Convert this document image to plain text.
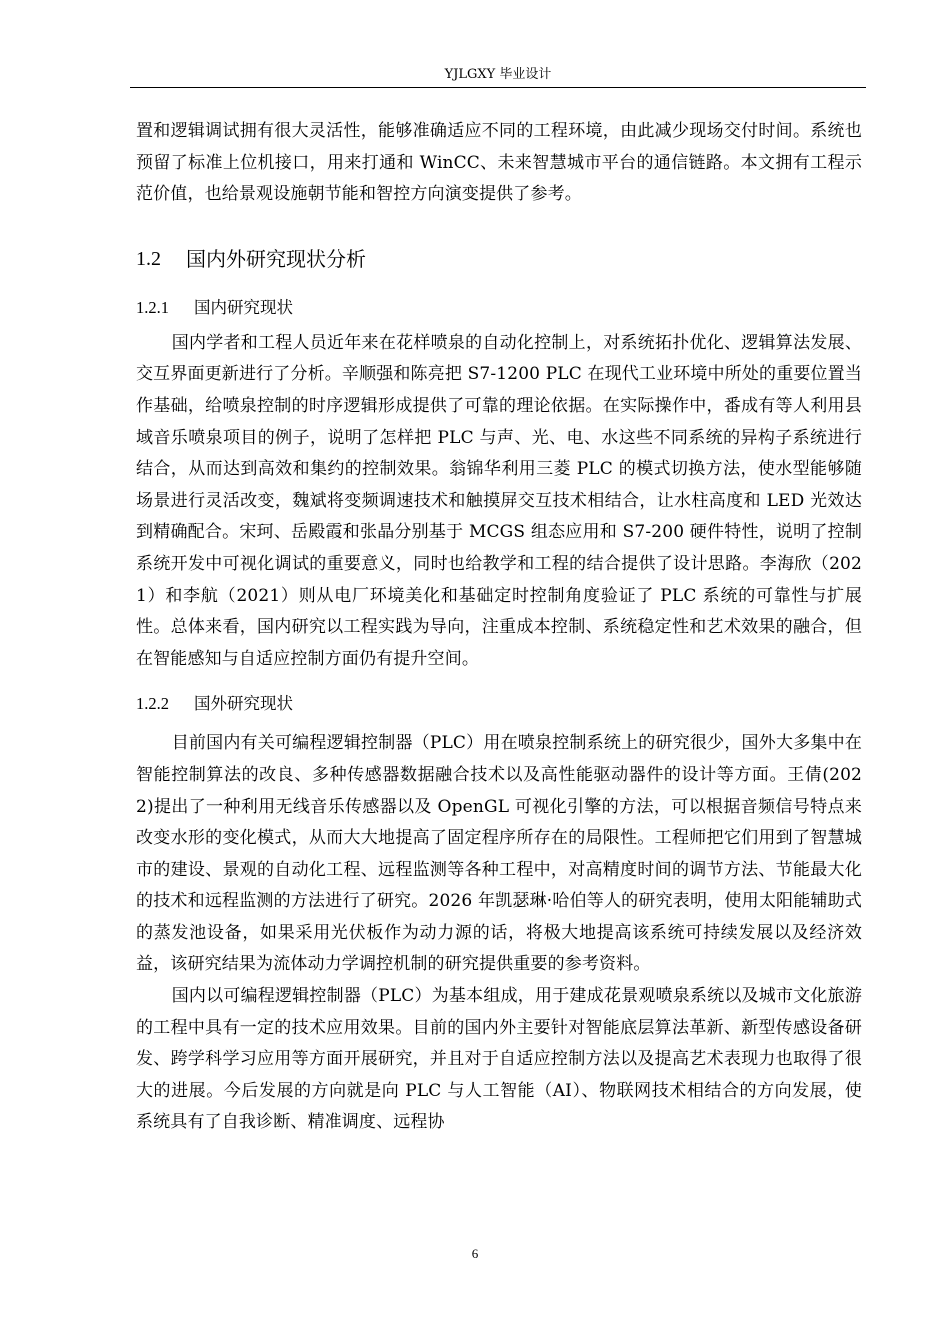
YJLGXY 毕业设计

置和逻辑调试拥有很大灵活性，能够准确适应不同的工程环境，由此减少现场交付时间。系统也预留了标准上位机接口，用来打通和 WinCC、未来智慧城市平台的通信链路。本文拥有工程示范价值，也给景观设施朝节能和智控方向演变提供了参考。

1.2	国内外研究现状分析
1.2.1	国内研究现状

国内学者和工程人员近年来在花样喷泉的自动化控制上，对系统拓扑优化、逻辑算法发展、交互界面更新进行了分析。辛顺强和陈亮把 S7-1200 PLC 在现代工业环境中所处的重要位置当作基础，给喷泉控制的时序逻辑形成提供了可靠的理论依据。在实际操作中，番成有等人利用县域音乐喷泉项目的例子，说明了怎样把 PLC 与声、光、电、水这些不同系统的异构子系统进行结合，从而达到高效和集约的控制效果。翁锦华利用三菱 PLC 的模式切换方法，使水型能够随场景进行灵活改变，魏斌将变频调速技术和触摸屏交互技术相结合，让水柱高度和 LED 光效达到精确配合。宋珂、岳殿霞和张晶分别基于 MCGS 组态应用和 S7-200 硬件特性，说明了控制系统开发中可视化调试的重要意义，同时也给教学和工程的结合提供了设计思路。李海欣（2021）和李航（2021）则从电厂环境美化和基础定时控制角度验证了 PLC 系统的可靠性与扩展性。总体来看，国内研究以工程实践为导向，注重成本控制、系统稳定性和艺术效果的融合，但在智能感知与自适应控制方面仍有提升空间。

1.2.2	国外研究现状

目前国内有关可编程逻辑控制器（PLC）用在喷泉控制系统上的研究很少，国外大多集中在智能控制算法的改良、多种传感器数据融合技术以及高性能驱动器件的设计等方面。王倩(2022)提出了一种利用无线音乐传感器以及 OpenGL 可视化引擎的方法，可以根据音频信号特点来改变水形的变化模式，从而大大地提高了固定程序所存在的局限性。工程师把它们用到了智慧城市的建设、景观的自动化工程、远程监测等各种工程中，对高精度时间的调节方法、节能最大化的技术和远程监测的方法进行了研究。2026 年凯瑟琳·哈伯等人的研究表明，使用太阳能辅助式的蒸发池设备，如果采用光伏板作为动力源的话，将极大地提高该系统可持续发展以及经济效益，该研究结果为流体动力学调控机制的研究提供重要的参考资料。

国内以可编程逻辑控制器（PLC）为基本组成，用于建成花景观喷泉系统以及城市文化旅游的工程中具有一定的技术应用效果。目前的国内外主要针对智能底层算法革新、新型传感设备研发、跨学科学习应用等方面开展研究，并且对于自适应控制方法以及提高艺术表现力也取得了很大的进展。今后发展的方向就是向 PLC 与人工智能（AI）、物联网技术相结合的方向发展，使系统具有了自我诊断、精准调度、远程协

6
